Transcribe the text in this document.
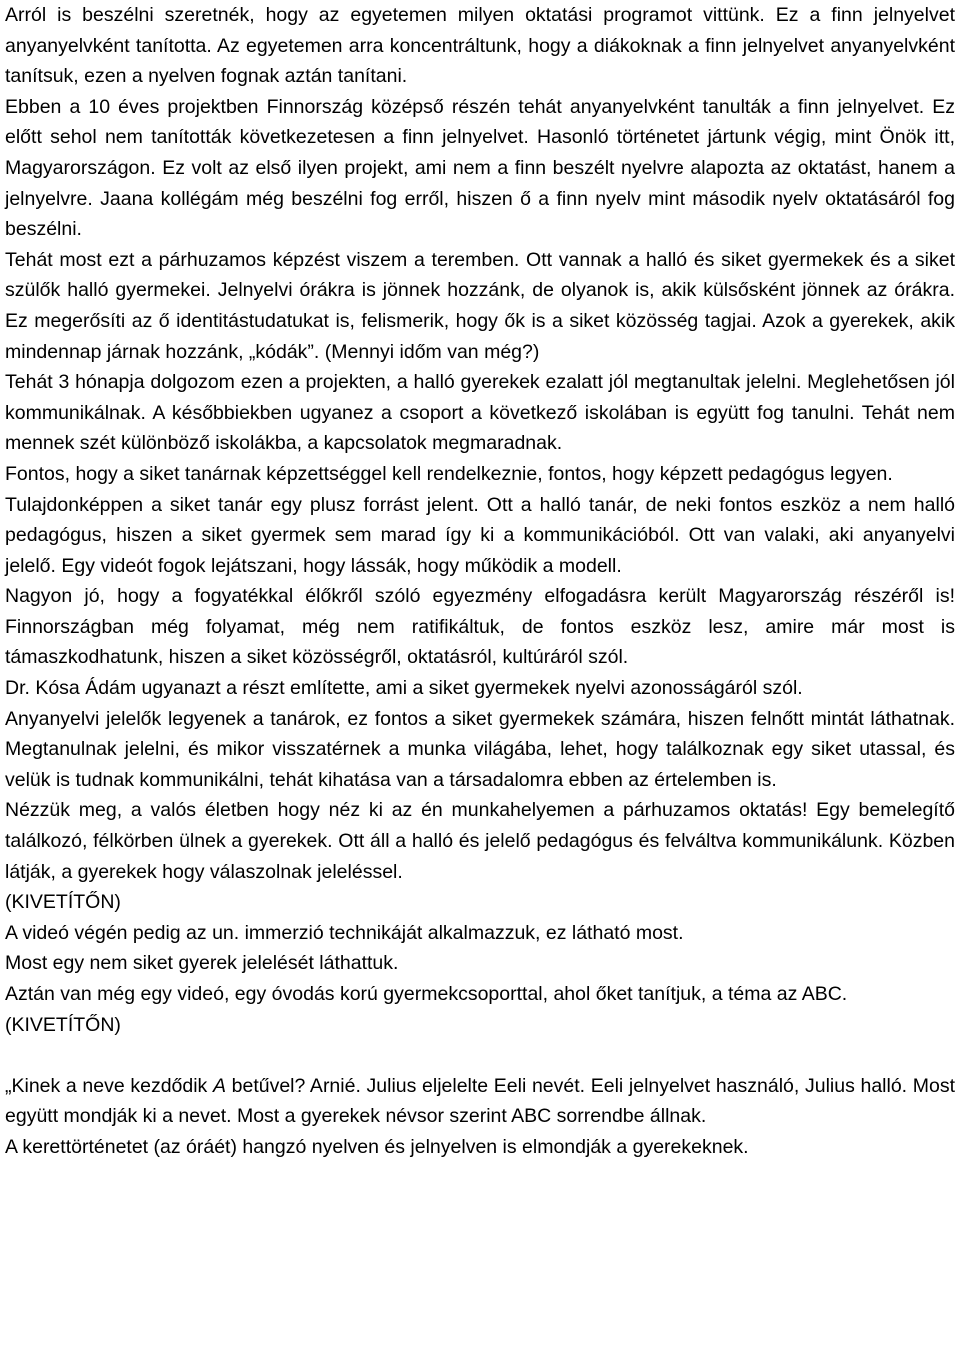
Arról is beszélni szeretnék, hogy az egyetemen milyen oktatási programot vittünk. Ez a finn jelnyelvet anyanyelvként tanította. Az egyetemen arra koncentráltunk, hogy a diákoknak a finn jelnyelvet anyanyelvként tanítsuk, ezen a nyelven fognak aztán tanítani.

Ebben a 10 éves projektben Finnország középső részén tehát anyanyelvként tanulták a finn jelnyelvet. Ez előtt sehol nem tanították következetesen a finn jelnyelvet. Hasonló történetet jártunk végig, mint Önök itt, Magyarországon. Ez volt az első ilyen projekt, ami nem a finn beszélt nyelvre alapozta az oktatást, hanem a jelnyelvre. Jaana kollégám még beszélni fog erről, hiszen ő a finn nyelv mint második nyelv oktatásáról fog beszélni.

Tehát most ezt a párhuzamos képzést viszem a teremben. Ott vannak a halló és siket gyermekek és a siket szülők halló gyermekei. Jelnyelvi órákra is jönnek hozzánk, de olyanok is, akik külsősként jönnek az órákra. Ez megerősíti az ő identitástudatukat is, felismerik, hogy ők is a siket közösség tagjai. Azok a gyerekek, akik mindennap járnak hozzánk, „kódák”. (Mennyi időm van még?)

Tehát 3 hónapja dolgozom ezen a projekten, a halló gyerekek ezalatt jól megtanultak jelelni. Meglehetősen jól kommunikálnak. A későbbiekben ugyanez a csoport a következő iskolában is együtt fog tanulni. Tehát nem mennek szét különböző iskolákba, a kapcsolatok megmaradnak.

Fontos, hogy a siket tanárnak képzettséggel kell rendelkeznie, fontos, hogy képzett pedagógus legyen.

Tulajdonképpen a siket tanár egy plusz forrást jelent. Ott a halló tanár, de neki fontos eszköz a nem halló pedagógus, hiszen a siket gyermek sem marad így ki a kommunikációból. Ott van valaki, aki anyanyelvi jelelő. Egy videót fogok lejátszani, hogy lássák, hogy működik a modell.

Nagyon jó, hogy a fogyatékkal élőkről szóló egyezmény elfogadásra került Magyarország részéről is! Finnországban még folyamat, még nem ratifikáltuk, de fontos eszköz lesz, amire már most is támaszkodhatunk, hiszen a siket közösségről, oktatásról, kultúráról szól.

Dr. Kósa Ádám ugyanazt a részt említette, ami a siket gyermekek nyelvi azonosságáról szól.

Anyanyelvi jelelők legyenek a tanárok, ez fontos a siket gyermekek számára, hiszen felnőtt mintát láthatnak. Megtanulnak jelelni, és mikor visszatérnek a munka világába, lehet, hogy találkoznak egy siket utassal, és velük is tudnak kommunikálni, tehát kihatása van a társadalomra ebben az értelemben is.

Nézzük meg, a valós életben hogy néz ki az én munkahelyemen a párhuzamos oktatás! Egy bemelegítő találkozó, félkörben ülnek a gyerekek. Ott áll a halló és jelelő pedagógus és felváltva kommunikálunk. Közben látják, a gyerekek hogy válaszolnak jeleléssel.

(KIVETÍTŐN)

A videó végén pedig az un. immerzió technikáját alkalmazzuk, ez látható most.

Most egy nem siket gyerek jelelését láthattuk.

Aztán van még egy videó, egy óvodás korú gyermekcsoporttal, ahol őket tanítjuk, a téma az ABC.

(KIVETÍTŐN)

„Kinek a neve kezdődik A betűvel? Arnié. Julius eljelelte Eeli nevét. Eeli jelnyelvet használó, Julius halló. Most együtt mondják ki a nevet. Most a gyerekek névsor szerint ABC sorrendbe állnak.

A kerettörténetet (az óráét) hangzó nyelven és jelnyelven is elmondják a gyerekeknek.
